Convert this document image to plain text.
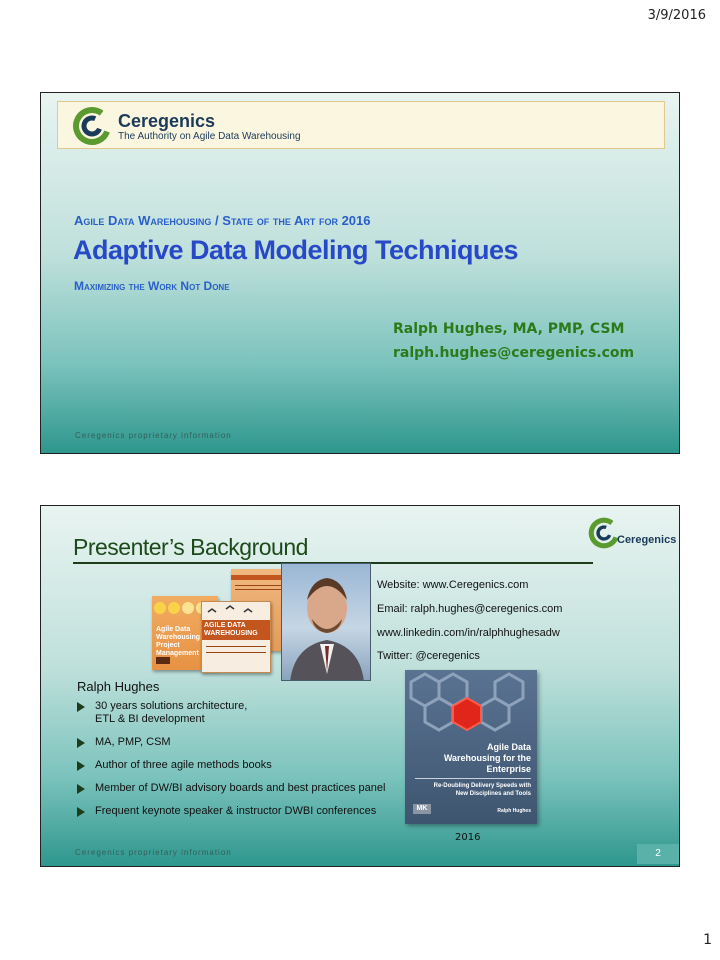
3/9/2016
Ceregenics
The Authority on Agile Data Warehousing
Agile Data Warehousing / State of the Art for 2016
Adaptive Data Modeling Techniques
Maximizing the Work Not Done
Ralph Hughes, MA, PMP, CSM
ralph.hughes@ceregenics.com
Ceregenics proprietary information
Presenter’s Background	Ceregenics
Agile Data Warehousing Project Management
AGILE DATA WAREHOUSING
Website: www.Ceregenics.com
Email: ralph.hughes@ceregenics.com
www.linkedin.com/in/ralphhughesadw
Twitter: @ceregenics
Ralph Hughes
30 years solutions architecture, ETL & BI development
MA, PMP, CSM
Author of three agile methods books
Member of DW/BI advisory boards and best practices panel
Frequent keynote speaker & instructor DWBI conferences
Agile Data Warehousing for the Enterprise
Re-Doubling Delivery Speeds with New Disciplines and Tools
MK	Ralph Hughes
2016
Ceregenics proprietary information	2
1
